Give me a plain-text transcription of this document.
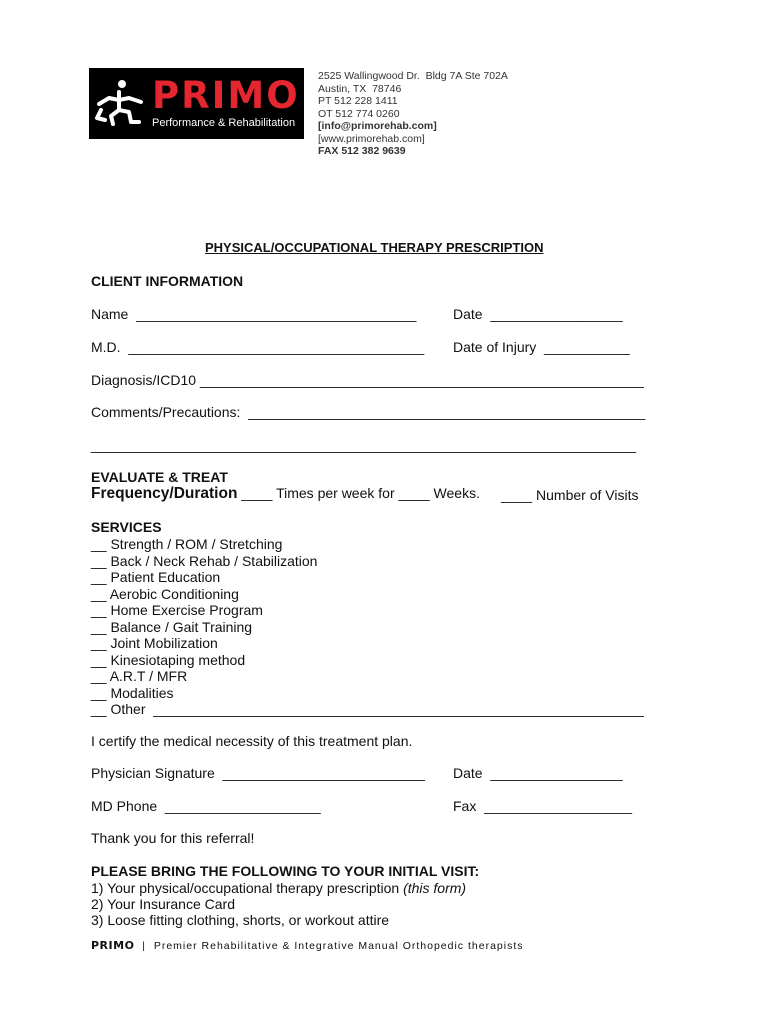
PRIMO
Performance & Rehabilitation
2525 Wallingwood Dr.  Bldg 7A Ste 702A
Austin, TX  78746
PT 512 228 1411
OT 512 774 0260
[info@primorehab.com]
[www.primorehab.com]
FAX 512 382 9639
PHYSICAL/OCCUPATIONAL THERAPY PRESCRIPTION
CLIENT INFORMATION
Name  ____________________________________	Date  _________________
M.D.  ______________________________________ Date of Injury  ___________
Diagnosis/ICD10 _________________________________________________________
Comments/Precautions:  ___________________________________________________
______________________________________________________________________
EVALUATE & TREAT
Frequency/Duration ____ Times per week for ____ Weeks. ____ Number of Visits
SERVICES
__ Strength / ROM / Stretching
__ Back / Neck Rehab / Stabilization
__ Patient Education
__ Aerobic Conditioning
__ Home Exercise Program
__ Balance / Gait Training
__ Joint Mobilization
__ Kinesiotaping method
__ A.R.T / MFR
__ Modalities
__ Other  _______________________________________________________________
I certify the medical necessity of this treatment plan.
Physician Signature  __________________________ Date  _________________
MD Phone  ____________________	Fax  ___________________
Thank you for this referral!
PLEASE BRING THE FOLLOWING TO YOUR INITIAL VISIT:
1) Your physical/occupational therapy prescription (this form)
2) Your Insurance Card
3) Loose fitting clothing, shorts, or workout attire
PRIMO  |  Premier Rehabilitative & Integrative Manual Orthopedic therapists
